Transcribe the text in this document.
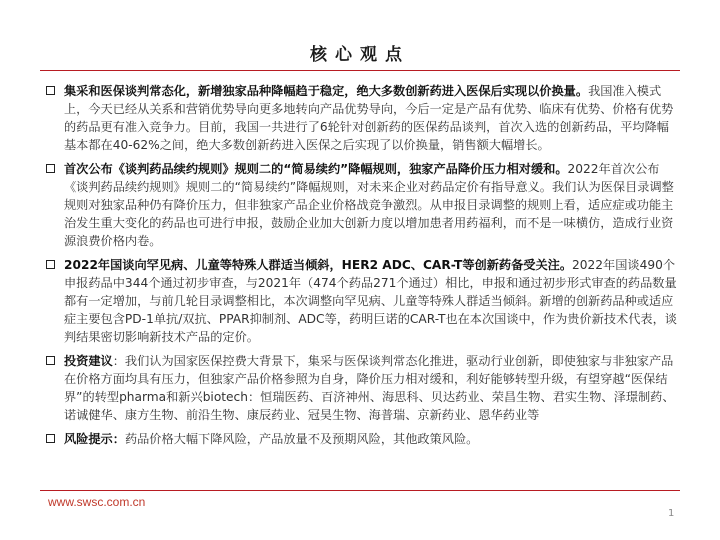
核心观点
集采和医保谈判常态化，新增独家品种降幅趋于稳定，绝大多数创新药进入医保后实现以价换量。我国准入模式上，今天已经从关系和营销优势导向更多地转向产品优势导向，今后一定是产品有优势、临床有优势、价格有优势的药品更有准入竞争力。目前，我国一共进行了6轮针对创新药的医保药品谈判，首次入选的创新药品，平均降幅基本都在40-62%之间，绝大多数创新药进入医保之后实现了以价换量，销售额大幅增长。
首次公布《谈判药品续约规则》规则二的“简易续约”降幅规则，独家产品降价压力相对缓和。2022年首次公布《谈判药品续约规则》规则二的“简易续约”降幅规则，对未来企业对药品定价有指导意义。我们认为医保目录调整规则对独家品种仍有降价压力，但非独家产品企业价格战竞争激烈。从申报目录调整的规则上看，适应症或功能主治发生重大变化的药品也可进行申报，鼓励企业加大创新力度以增加患者用药福利，而不是一味横仿，造成行业资源浪费价格内卷。
2022年国谈向罕见病、儿童等特殊人群适当倾斜，HER2 ADC、CAR-T等创新药备受关注。2022年国谈490个申报药品中344个通过初步审查，与2021年（474个药品271个通过）相比，申报和通过初步形式审查的药品数量都有一定增加，与前几轮目录调整相比，本次调整向罕见病、儿童等特殊人群适当倾斜。新增的创新药品种或适应症主要包含PD-1单抗/双抗、PPAR抑制剂、ADC等，药明巨诺的CAR-T也在本次国谈中，作为贵价新技术代表，谈判结果密切影响新技术产品的定价。
投资建议：我们认为国家医保控费大背景下，集采与医保谈判常态化推进，驱动行业创新，即使独家与非独家产品在价格方面均具有压力，但独家产品价格参照为自身，降价压力相对缓和，利好能够转型升级，有望穿越“医保结界”的转型pharma和新兴biotech：恒瑞医药、百济神州、海思科、贝达药业、荣昌生物、君实生物、泽璟制药、诺诚健华、康方生物、前沿生物、康辰药业、冠昊生物、海普瑞、京新药业、恩华药业等
风险提示：药品价格大幅下降风险，产品放量不及预期风险，其他政策风险。
www.swsc.com.cn
1
